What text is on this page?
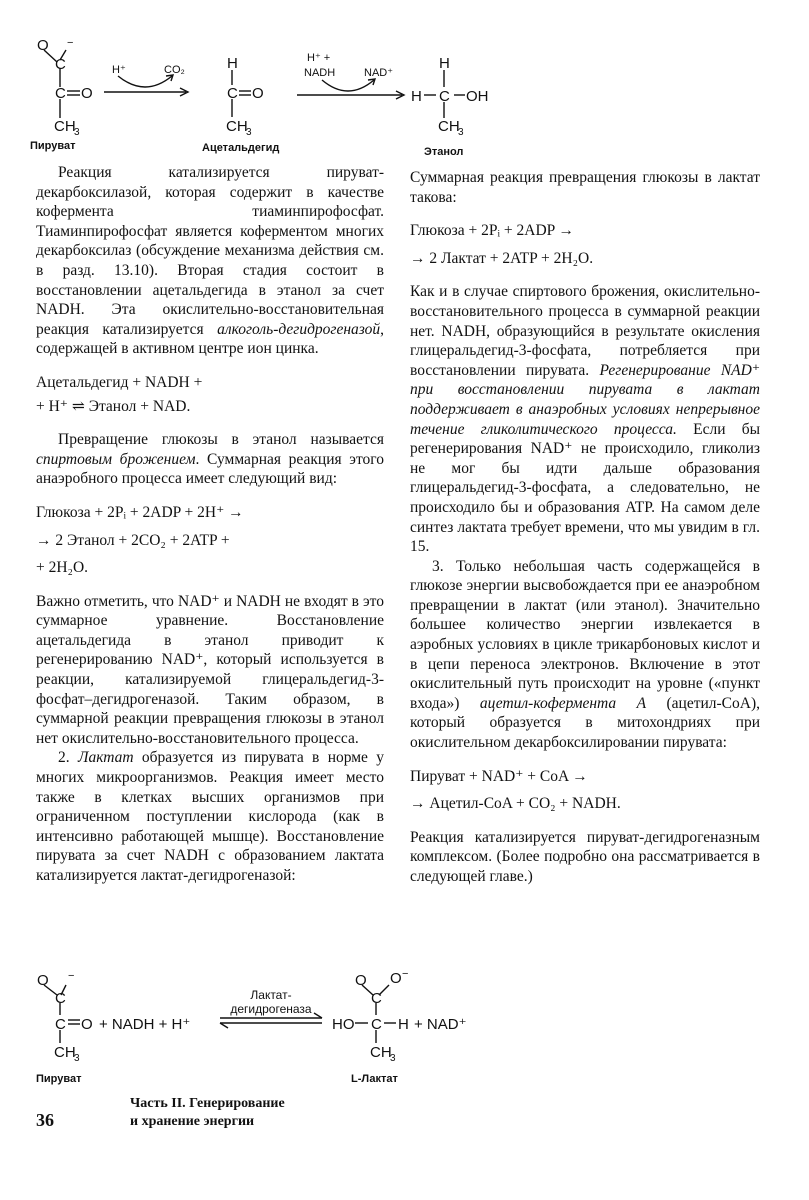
O −
C
C O
CH
3
H
C O
CH
3
H
H
C OH
CH
3
H⁺	CO₂
H⁺ +
NADH	NAD⁺
Пируват	Ацетальдегид	Этанол

Реакция катализируется пируват-декарбоксилазой, которая содержит в качестве кофермента тиаминпирофосфат. Тиаминпирофосфат является коферментом многих декарбоксилаз (обсуждение механизма действия см. в разд. 13.10). Вторая стадия состоит в восстановлении ацетальдегида в этанол за счет NADH. Эта окислительно-восстановительная реакция катализируется алкоголь-дегидрогеназой, содержащей в активном центре ион цинка.

Ацетальдегид + NADH +

+ H⁺ ⇌ Этанол + NAD.

Превращение глюкозы в этанол называется спиртовым брожением. Суммарная реакция этого анаэробного процесса имеет следующий вид:

Глюкоза + 2Pᵢ + 2ADP + 2H⁺ →

→ 2 Этанол + 2CO₂ + 2ATP +

+ 2H₂O.

Важно отметить, что NAD⁺ и NADH не входят в это суммарное уравнение. Восстановление ацетальдегида в этанол приводит к регенерированию NAD⁺, который используется в реакции, катализируемой глицеральдегид-3-фосфат–дегидрогеназой. Таким образом, в суммарной реакции превращения глюкозы в этанол нет окислительно-восстановительного процесса.

2. Лактат образуется из пирувата в норме у многих микроорганизмов. Реакция имеет место также в клетках высших организмов при ограниченном поступлении кислорода (как в интенсивно работающей мышце). Восстановление пирувата за счет NADH с образованием лактата катализируется лактат-дегидрогеназой:

Суммарная реакция превращения глюкозы в лактат такова:

Глюкоза + 2Pᵢ + 2ADP →

→ 2 Лактат + 2ATP + 2H₂O.

Как и в случае спиртового брожения, окислительно-восстановительного процесса в суммарной реакции нет. NADH, образующийся в результате окисления глицеральдегид-3-фосфата, потребляется при восстановлении пирувата. Регенерирование NAD⁺ при восстановлении пирувата в лактат поддерживает в анаэробных условиях непрерывное течение гликолитического процесса. Если бы регенерирования NAD⁺ не происходило, гликолиз не мог бы идти дальше образования глицеральдегид-3-фосфата, а следовательно, не происходило бы и образования ATP. На самом деле синтез лактата требует времени, что мы увидим в гл. 15.

3. Только небольшая часть содержащейся в глюкозе энергии высвобождается при ее анаэробном превращении в лактат (или этанол). Значительно большее количество энергии извлекается в аэробных условиях в цикле трикарбоновых кислот и в цепи переноса электронов. Включение в этот окислительный путь происходит на уровне («пункт входа») ацетил-кофермента А (ацетил-CoA), который образуется в митохондриях при окислительном декарбоксилировании пирувата:

Пируват + NAD⁺ + CoA →

→ Ацетил-CoA + CO₂ + NADH.

Реакция катализируется пируват-дегидрогеназным комплексом. (Более подробно она рассматривается в следующей главе.)

O −
C
C O
CH
3
O O −
C
HO C H
CH
3
+ NADH + H⁺	+ NAD⁺
Лактат-
дегидрогеназа
Пируват	L-Лактат
36
Часть II. Генерирование
и хранение энергии
